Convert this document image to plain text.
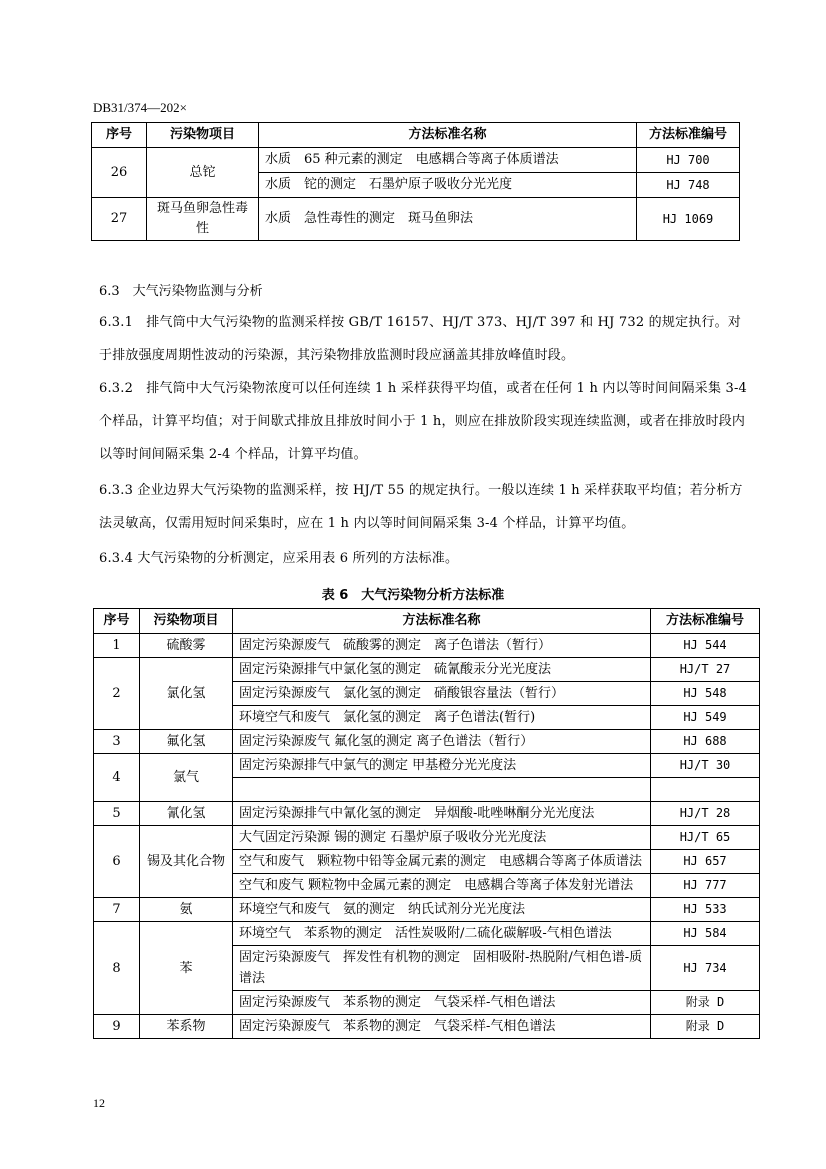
DB31/374—202×
序号	污染物项目	方法标准名称	方法标准编号
26	总铊	水质　65 种元素的测定　电感耦合等离子体质谱法	HJ 700
		水质　铊的测定　石墨炉原子吸收分光光度	HJ 748
27	斑马鱼卵急性毒性	水质　急性毒性的测定　斑马鱼卵法	HJ 1069
6.3　大气污染物监测与分析
6.3.1　排气筒中大气污染物的监测采样按 GB/T 16157、HJ/T 373、HJ/T 397 和 HJ 732 的规定执行。对于排放强度周期性波动的污染源，其污染物排放监测时段应涵盖其排放峰值时段。
6.3.2　排气筒中大气污染物浓度可以任何连续 1 h 采样获得平均值，或者在任何 1 h 内以等时间间隔采集 3-4 个样品，计算平均值；对于间歇式排放且排放时间小于 1 h，则应在排放阶段实现连续监测，或者在排放时段内以等时间间隔采集 2-4 个样品，计算平均值。
6.3.3 企业边界大气污染物的监测采样，按 HJ/T 55 的规定执行。一般以连续 1 h 采样获取平均值；若分析方法灵敏高，仅需用短时间采集时，应在 1 h 内以等时间间隔采集 3-4 个样品，计算平均值。
6.3.4 大气污染物的分析测定，应采用表 6 所列的方法标准。
表 6　大气污染物分析方法标准
序号	污染物项目	方法标准名称	方法标准编号
1	硫酸雾	固定污染源废气　硫酸雾的测定　离子色谱法（暂行）	HJ 544
2	氯化氢	固定污染源排气中氯化氢的测定　硫氰酸汞分光光度法	HJ/T 27
		固定污染源废气　氯化氢的测定　硝酸银容量法（暂行）	HJ 548
		环境空气和废气　氯化氢的测定　离子色谱法(暂行)	HJ 549
3	氟化氢	固定污染源废气 氟化氢的测定 离子色谱法（暂行）	HJ 688
4	氯气	固定污染源排气中氯气的测定 甲基橙分光光度法	HJ/T 30

5	氰化氢	固定污染源排气中氰化氢的测定　异烟酸-吡唑啉酮分光光度法	HJ/T 28
6	锡及其化合物	大气固定污染源 锡的测定 石墨炉原子吸收分光光度法	HJ/T 65
		空气和废气　颗粒物中铅等金属元素的测定　电感耦合等离子体质谱法	HJ 657
		空气和废气 颗粒物中金属元素的测定　电感耦合等离子体发射光谱法	HJ 777
7	氨	环境空气和废气　氨的测定　纳氏试剂分光光度法	HJ 533
8	苯	环境空气　苯系物的测定　活性炭吸附/二硫化碳解吸-气相色谱法	HJ 584
		固定污染源废气　挥发性有机物的测定　固相吸附-热脱附/气相色谱-质谱法	HJ 734
		固定污染源废气　苯系物的测定　气袋采样-气相色谱法	附录 D
9	苯系物	固定污染源废气　苯系物的测定　气袋采样-气相色谱法	附录 D
12
